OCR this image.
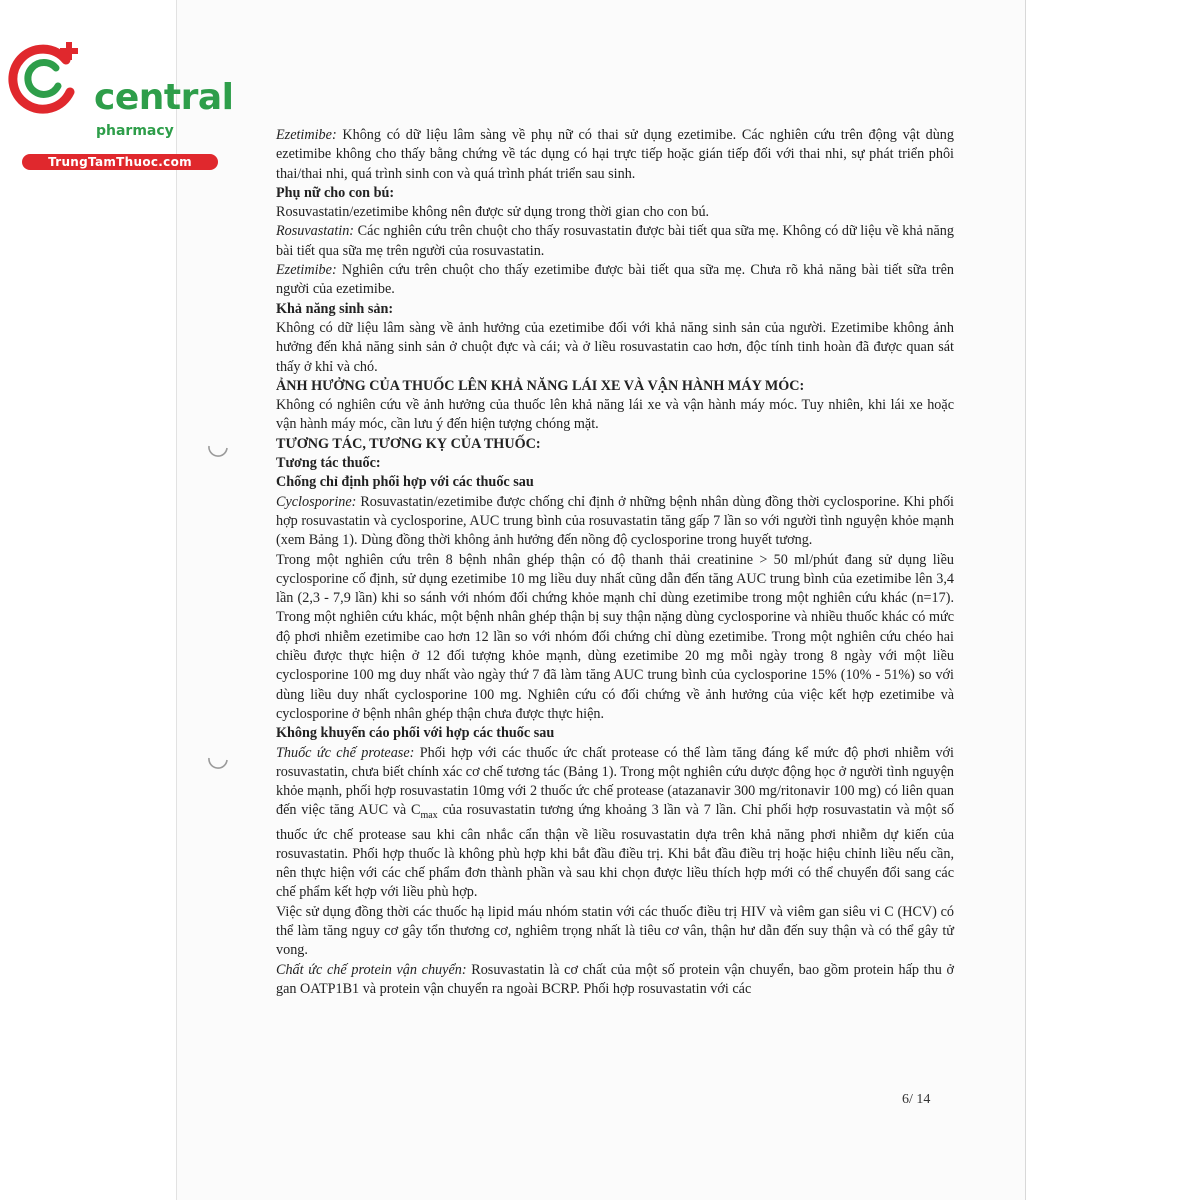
central
pharmacy
TrungTamThuoc.com

Ezetimibe: Không có dữ liệu lâm sàng về phụ nữ có thai sử dụng ezetimibe. Các nghiên cứu trên động vật dùng ezetimibe không cho thấy bằng chứng về tác dụng có hại trực tiếp hoặc gián tiếp đối với thai nhi, sự phát triển phôi thai/thai nhi, quá trình sinh con và quá trình phát triển sau sinh.

Phụ nữ cho con bú:

Rosuvastatin/ezetimibe không nên được sử dụng trong thời gian cho con bú.

Rosuvastatin: Các nghiên cứu trên chuột cho thấy rosuvastatin được bài tiết qua sữa mẹ. Không có dữ liệu về khả năng bài tiết qua sữa mẹ trên người của rosuvastatin.

Ezetimibe: Nghiên cứu trên chuột cho thấy ezetimibe được bài tiết qua sữa mẹ. Chưa rõ khả năng bài tiết sữa trên người của ezetimibe.

Khả năng sinh sản:

Không có dữ liệu lâm sàng về ảnh hưởng của ezetimibe đối với khả năng sinh sản của người. Ezetimibe không ảnh hưởng đến khả năng sinh sản ở chuột đực và cái; và ở liều rosuvastatin cao hơn, độc tính tinh hoàn đã được quan sát thấy ở khỉ và chó.

ẢNH HƯỞNG CỦA THUỐC LÊN KHẢ NĂNG LÁI XE VÀ VẬN HÀNH MÁY MÓC:

Không có nghiên cứu về ảnh hưởng của thuốc lên khả năng lái xe và vận hành máy móc. Tuy nhiên, khi lái xe hoặc vận hành máy móc, cần lưu ý đến hiện tượng chóng mặt.

TƯƠNG TÁC, TƯƠNG KỴ CỦA THUỐC:

Tương tác thuốc:

Chống chỉ định phối hợp với các thuốc sau

Cyclosporine: Rosuvastatin/ezetimibe được chống chỉ định ở những bệnh nhân dùng đồng thời cyclosporine. Khi phối hợp rosuvastatin và cyclosporine, AUC trung bình của rosuvastatin tăng gấp 7 lần so với người tình nguyện khỏe mạnh (xem Bảng 1). Dùng đồng thời không ảnh hưởng đến nồng độ cyclosporine trong huyết tương.

Trong một nghiên cứu trên 8 bệnh nhân ghép thận có độ thanh thải creatinine > 50 ml/phút đang sử dụng liều cyclosporine cố định, sử dụng ezetimibe 10 mg liều duy nhất cũng dẫn đến tăng AUC trung bình của ezetimibe lên 3,4 lần (2,3 - 7,9 lần) khi so sánh với nhóm đối chứng khỏe mạnh chỉ dùng ezetimibe trong một nghiên cứu khác (n=17). Trong một nghiên cứu khác, một bệnh nhân ghép thận bị suy thận nặng dùng cyclosporine và nhiều thuốc khác có mức độ phơi nhiễm ezetimibe cao hơn 12 lần so với nhóm đối chứng chỉ dùng ezetimibe. Trong một nghiên cứu chéo hai chiều được thực hiện ở 12 đối tượng khỏe mạnh, dùng ezetimibe 20 mg mỗi ngày trong 8 ngày với một liều cyclosporine 100 mg duy nhất vào ngày thứ 7 đã làm tăng AUC trung bình của cyclosporine 15% (10% - 51%) so với dùng liều duy nhất cyclosporine 100 mg. Nghiên cứu có đối chứng về ảnh hưởng của việc kết hợp ezetimibe và cyclosporine ở bệnh nhân ghép thận chưa được thực hiện.

Không khuyến cáo phối với hợp các thuốc sau

Thuốc ức chế protease: Phối hợp với các thuốc ức chất protease có thể làm tăng đáng kể mức độ phơi nhiễm với rosuvastatin, chưa biết chính xác cơ chế tương tác (Bảng 1). Trong một nghiên cứu dược động học ở người tình nguyện khỏe mạnh, phối hợp rosuvastatin 10mg với 2 thuốc ức chế protease (atazanavir 300 mg/ritonavir 100 mg) có liên quan đến việc tăng AUC và $C_{max}$ của rosuvastatin tương ứng khoảng 3 lần và 7 lần. Chỉ phối hợp rosuvastatin và một số thuốc ức chế protease sau khi cân nhắc cẩn thận về liều rosuvastatin dựa trên khả năng phơi nhiễm dự kiến của rosuvastatin. Phối hợp thuốc là không phù hợp khi bắt đầu điều trị. Khi bắt đầu điều trị hoặc hiệu chỉnh liều nếu cần, nên thực hiện với các chế phẩm đơn thành phần và sau khi chọn được liều thích hợp mới có thể chuyển đổi sang các chế phẩm kết hợp với liều phù hợp.

Việc sử dụng đồng thời các thuốc hạ lipid máu nhóm statin với các thuốc điều trị HIV và viêm gan siêu vi C (HCV) có thể làm tăng nguy cơ gây tổn thương cơ, nghiêm trọng nhất là tiêu cơ vân, thận hư dẫn đến suy thận và có thể gây tử vong.

Chất ức chế protein vận chuyển: Rosuvastatin là cơ chất của một số protein vận chuyển, bao gồm protein hấp thu ở gan OATP1B1 và protein vận chuyển ra ngoài BCRP. Phối hợp rosuvastatin với các

6/ 14
